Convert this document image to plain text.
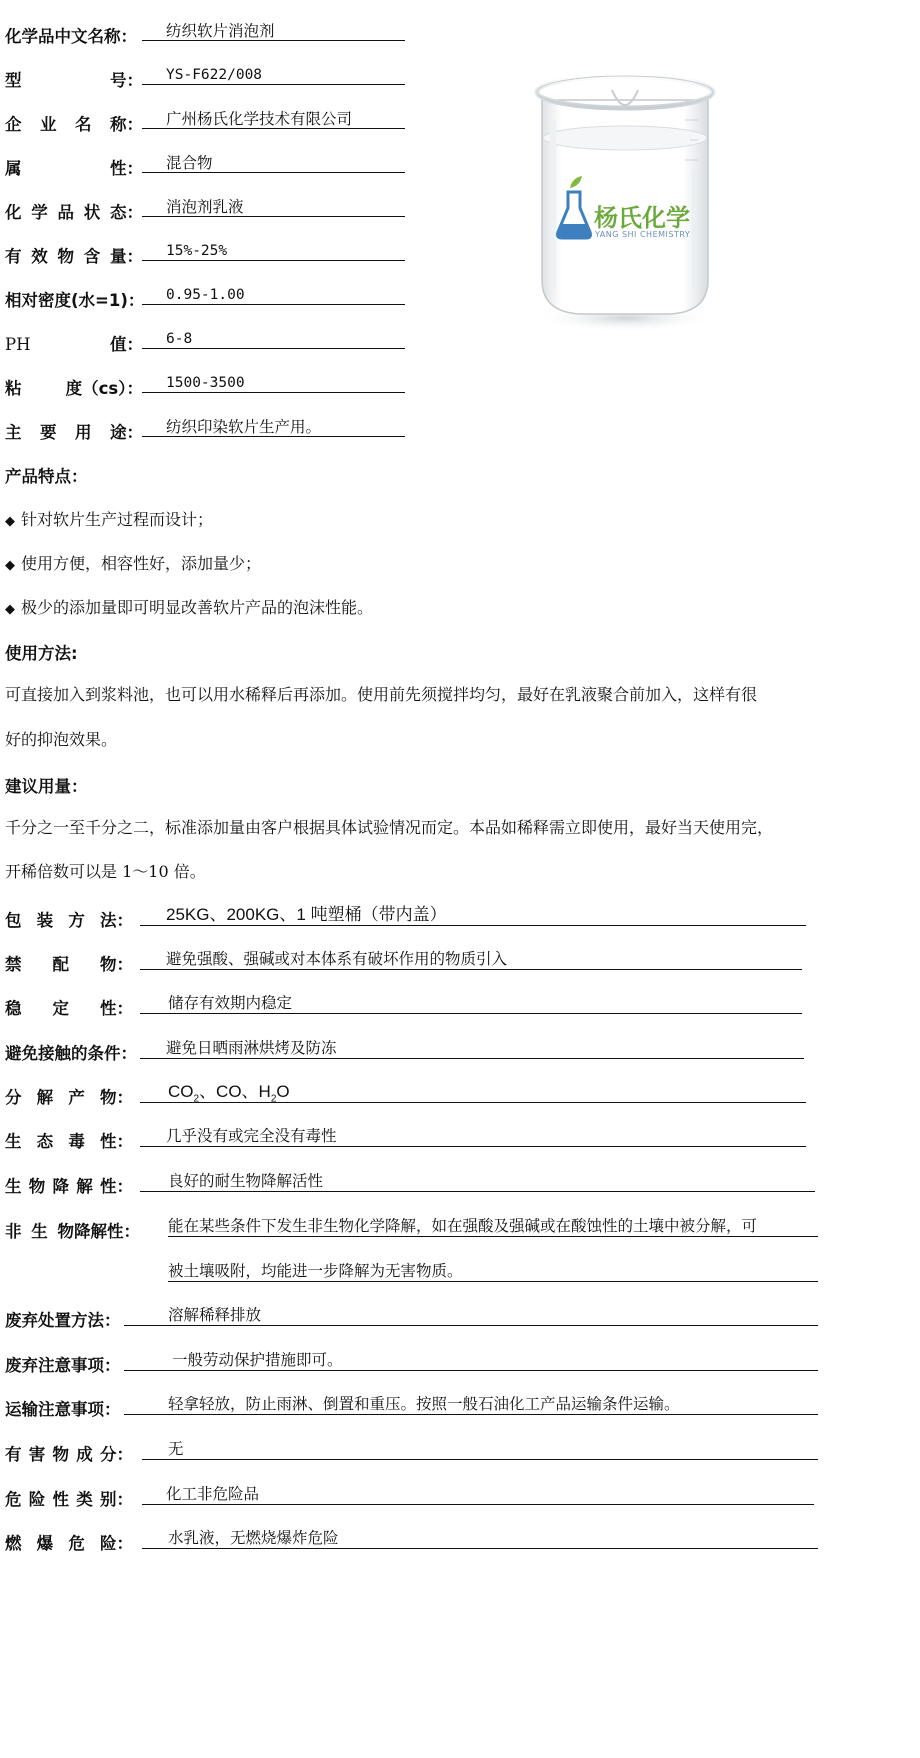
化学品中文名称：	纺织软片消泡剂
型	号： YS-F622/008
企 业 名 称： 广州杨氏化学技术有限公司
属	性： 混合物
化 学 品 状 态： 消泡剂乳液
有 效 物 含 量： 15%-25%
相对密度(水=1)： 0.95-1.00
PH	值： 6-8
粘	度（cs）： 1500-3500
主 要 用 途： 纺织印染软片生产用。
杨氏化学
YANG SHI CHEMISTRY
产品特点：
◆ 针对软片生产过程而设计；
◆ 使用方便，相容性好，添加量少；
◆ 极少的添加量即可明显改善软片产品的泡沫性能。
使用方法:
可直接加入到浆料池，也可以用水稀释后再添加。使用前先须搅拌均匀，最好在乳液聚合前加入，这样有很
好的抑泡效果。
建议用量：
千分之一至千分之二，标准添加量由客户根据具体试验情况而定。本品如稀释需立即使用，最好当天使用完，
开稀倍数可以是 1～10 倍。
包 装 方 法： 25KG、200KG、1 吨塑桶（带内盖）
禁 配 物： 避免强酸、强碱或对本体系有破坏作用的物质引入
稳 定 性： 储存有效期内稳定
避免接触的条件： 避免日晒雨淋烘烤及防冻
分 解 产 物： $CO_2$、CO、$H_2O$
生 态 毒 性： 几乎没有或完全没有毒性
生 物 降 解 性： 良好的耐生物降解活性
非 生 物降解性： 能在某些条件下发生非生物化学降解，如在强酸及强碱或在酸蚀性的土壤中被分解，可
被土壤吸附，均能进一步降解为无害物质。
废弃处置方法：	溶解稀释排放
废弃注意事项：	一般劳动保护措施即可。
运输注意事项：	轻拿轻放，防止雨淋、倒置和重压。按照一般石油化工产品运输条件运输。
有 害 物 成 分： 无
危 险 性 类 别： 化工非危险品
燃 爆 危 险： 水乳液，无燃烧爆炸危险
